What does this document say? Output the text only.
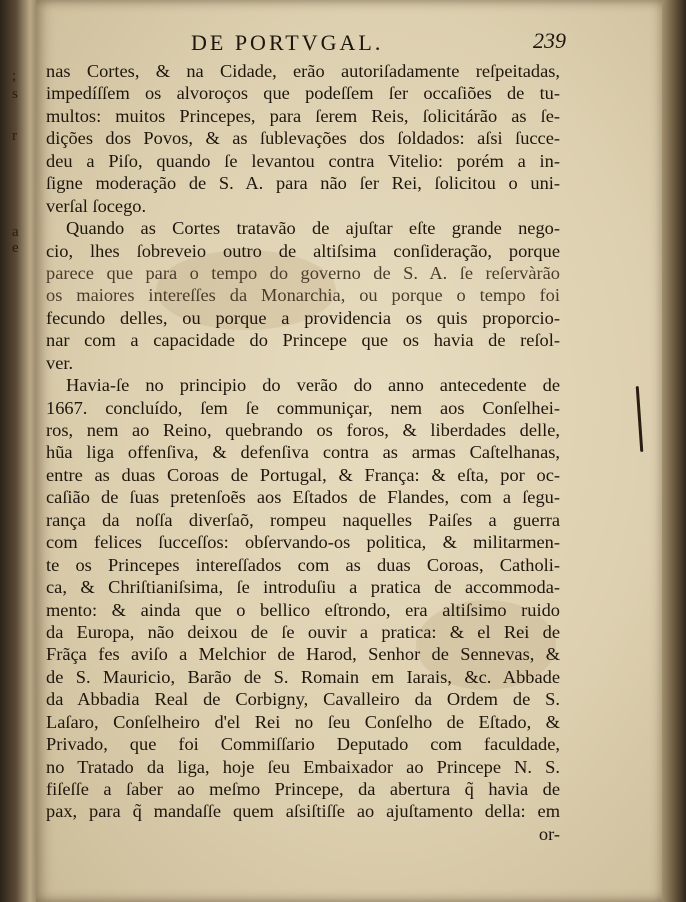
;
s
r
a
e
DE PORTVGAL.	239
nas Cortes, & na Cidade, erão autoriſadamente reſpeitadas,
impedíſſem os alvoroços que podeſſem ſer occaſiões de tu-
multos: muitos Princepes, para ſerem Reis, ſolicitárão as ſe-
dições dos Povos, & as ſublevações dos ſoldados: aſsi ſucce-
deu a Piſo, quando ſe levantou contra Vitelio: porém a in-
ſigne moderação de S. A. para não ſer Rei, ſolicitou o uni-
verſal ſocego.
Quando as Cortes tratavão de ajuſtar eſte grande nego-
cio, lhes ſobreveio outro de altiſsima conſideração, porque
parece que para o tempo do governo de S. A. ſe reſervàrão
os maiores intereſſes da Monarchia, ou porque o tempo foi
fecundo delles, ou porque a providencia os quis proporcio-
nar com a capacidade do Princepe que os havia de reſol-
ver.
Havia-ſe no principio do verão do anno antecedente de
1667. concluído, ſem ſe communiçar, nem aos Conſelhei-
ros, nem ao Reino, quebrando os foros, & liberdades delle,
hũa liga offenſiva, & defenſiva contra as armas Caſtelhanas,
entre as duas Coroas de Portugal, & França: & eſta, por oc-
caſião de ſuas pretenſoẽs aos Eſtados de Flandes, com a ſegu-
rança da noſſa diverſaõ, rompeu naquelles Paiſes a guerra
com felices ſucceſſos: obſervando-os politica, & militarmen-
te os Princepes intereſſados com as duas Coroas, Catholi-
ca, & Chriſtianiſsima, ſe introduſiu a pratica de accommoda-
mento: & ainda que o bellico eſtrondo, era altiſsimo ruido
da Europa, não deixou de ſe ouvir a pratica: & el Rei de
Frãça fes aviſo a Melchior de Harod, Senhor de Sennevas, &
de S. Mauricio, Barão de S. Romain em Iarais, &c. Abbade
da Abbadia Real de Corbigny, Cavalleiro da Ordem de S.
Laſaro, Conſelheiro d'el Rei no ſeu Conſelho de Eſtado, &
Privado, que foi Commiſſario Deputado com faculdade,
no Tratado da liga, hoje ſeu Embaixador ao Princepe N. S.
fiſeſſe a ſaber ao meſmo Princepe, da abertura q̃ havia de
pax, para q̃ mandaſſe quem aſsiſtiſſe ao ajuſtamento della: em
or-
